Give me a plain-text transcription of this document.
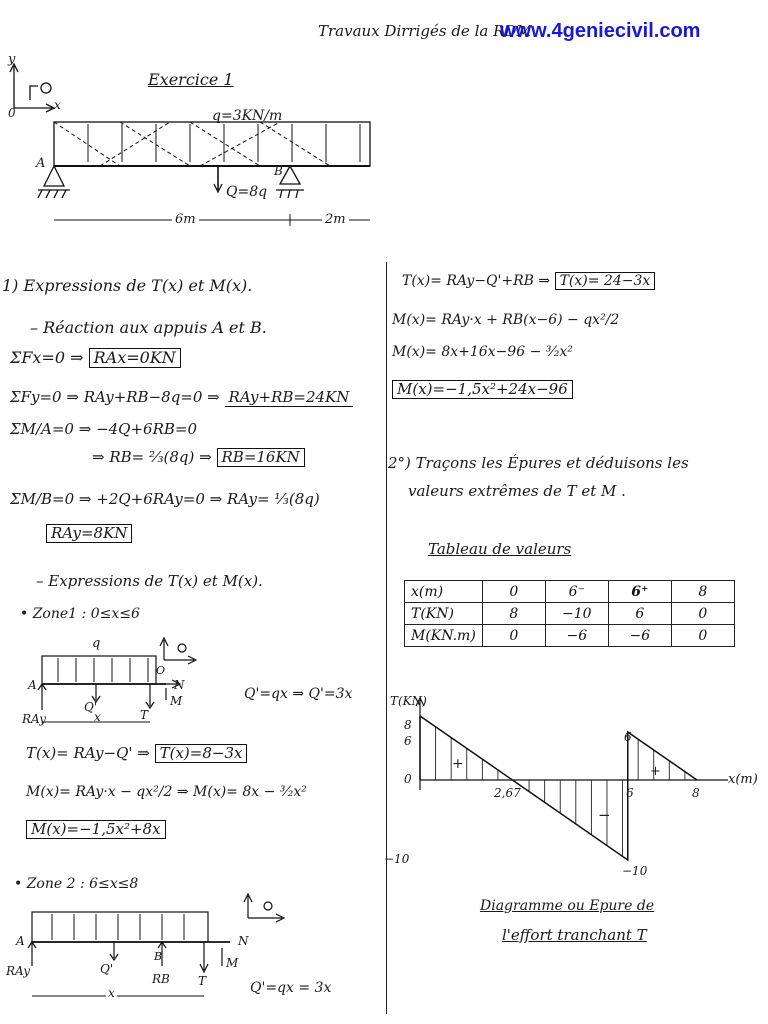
Travaux Dirrigés de la RDM
www.4geniecivil.com
Exercice 1
q=3KN/m
Q=8q
A	B
6m	2m
y
x
0
1) Expressions de T(x) et M(x).
– Réaction aux appuis A et B.
ΣFx=0 ⇒ RAx=0KN
ΣFy=0 ⇒ RAy+RB−8q=0 ⇒ RAy+RB=24KN
ΣM/A=0 ⇒ −4Q+6RB=0
⇒ RB= ²⁄₃(8q) ⇒ RB=16KN
ΣM/B=0 ⇒ +2Q+6RAy=0 ⇒ RAy= ¹⁄₃(8q)
RAy=8KN
– Expressions de T(x) et M(x).
• Zone1 : 0≤x≤6
q
A
O
N
M
Q'
T
RAy	x
Q'=qx ⇒ Q'=3x
T(x)= RAy−Q' ⇒ T(x)=8−3x
M(x)= RAy·x − qx²/2 ⇒ M(x)= 8x − ³⁄₂x²
M(x)=−1,5x²+8x
• Zone 2 : 6≤x≤8
A	N
M
RAy	Q'
B
RB T
x	Q'=qx = 3x
T(x)= RAy−Q'+RB ⇒ T(x)= 24−3x
M(x)= RAy·x + RB(x−6) − qx²/2
M(x)= 8x+16x−96 − ³⁄₂x²
M(x)=−1,5x²+24x−96
2°) Traçons les Épures et déduisons les
valeurs extrêmes de T et M .
Tableau de valeurs
x(m)	0	6⁻	6⁺	8
T(KN)	8	−10	6	0
M(KN.m)	0	−6	−6	0
T(KN)
x(m)
8
6
0
−10
2,67	6	8
6
−10
+	+
−
Diagramme ou Epure de
l'effort tranchant T
